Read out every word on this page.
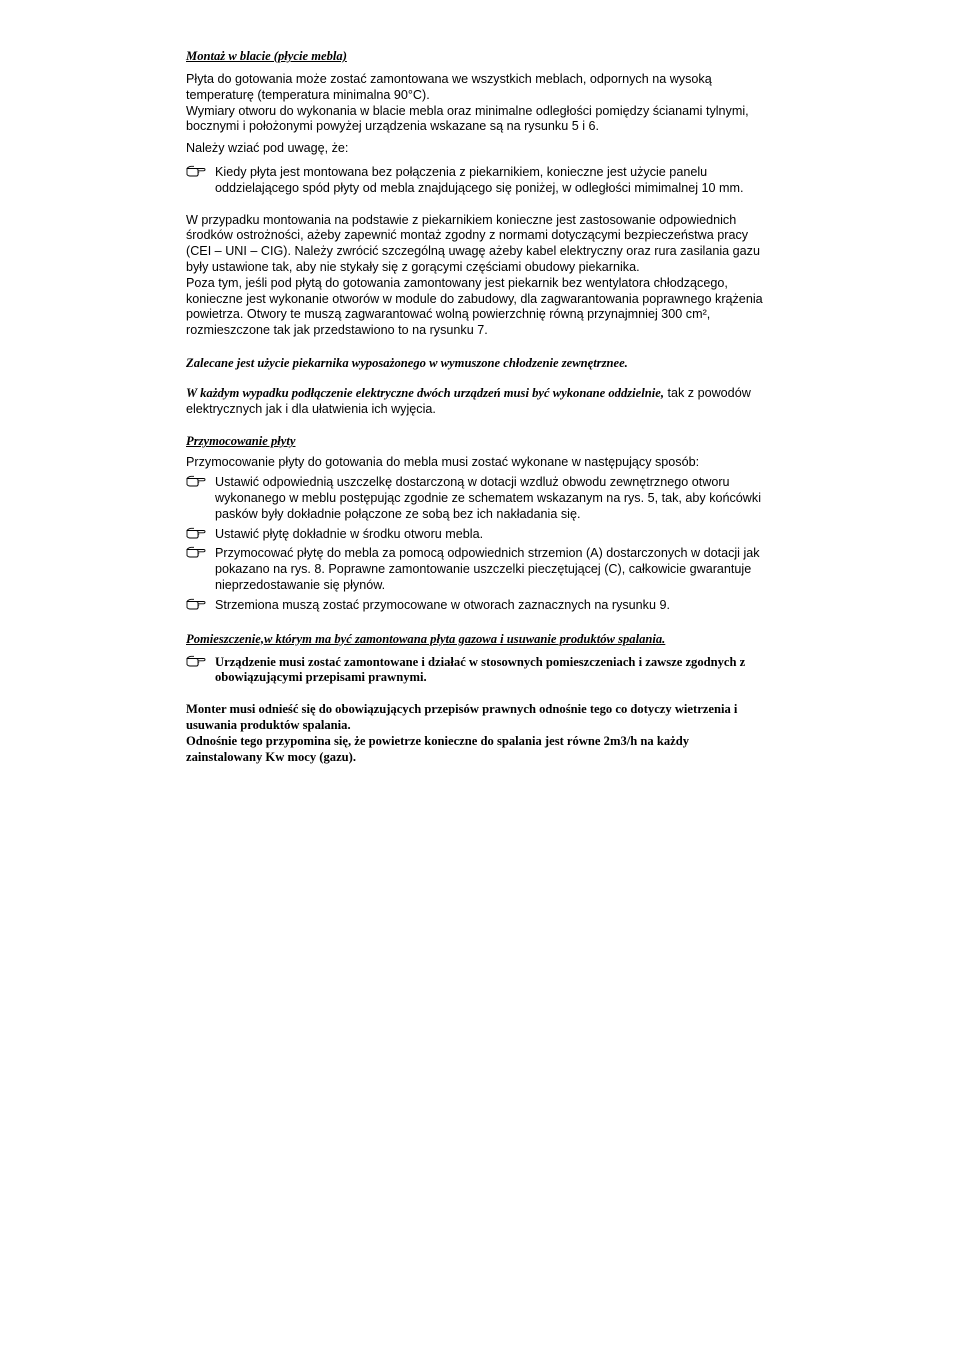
Montaż w blacie (płycie mebla)

Płyta do gotowania może zostać zamontowana we wszystkich meblach, odpornych na wysoką temperaturę (temperatura minimalna 90°C).

Wymiary otworu do wykonania w blacie mebla oraz minimalne odległości pomiędzy ścianami tylnymi, bocznymi i położonymi powyżej urządzenia wskazane są na rysunku 5 i 6.

Należy wziać pod uwagę, że:

Kiedy płyta jest montowana bez połączenia z piekarnikiem, konieczne jest użycie panelu oddzielającego spód płyty od mebla znajdującego się poniżej, w odległości mimimalnej 10 mm.

W przypadku montowania na podstawie z piekarnikiem konieczne jest zastosowanie odpowiednich środków ostrożności, ażeby zapewnić montaż zgodny z normami dotyczącymi bezpieczeństwa pracy (CEI – UNI – CIG). Należy zwrócić szczególną uwagę ażeby kabel elektryczny oraz rura zasilania gazu były ustawione tak, aby nie stykały się z gorącymi częściami obudowy piekarnika.

Poza tym, jeśli pod płytą do gotowania zamontowany jest piekarnik bez wentylatora chłodzącego, konieczne jest wykonanie otworów w module do zabudowy, dla zagwarantowania poprawnego krążenia powietrza. Otwory te muszą zagwarantować wolną powierzchnię równą przynajmniej 300 cm², rozmieszczone tak jak przedstawiono to na rysunku 7.

Zalecane jest użycie piekarnika wyposażonego w wymuszone chłodzenie zewnętrznee.

W każdym wypadku podłączenie elektryczne dwóch urządzeń musi być wykonane oddzielnie, tak z powodów elektrycznych jak i dla ułatwienia ich wyjęcia.

Przymocowanie płyty

Przymocowanie płyty do gotowania do mebla musi zostać wykonane w następujący sposób:

Ustawić odpowiednią uszczelkę dostarczoną w dotacji wzdluż obwodu zewnętrznego otworu wykonanego w meblu postępując zgodnie ze schematem wskazanym na rys. 5, tak, aby końcówki pasków były dokładnie połączone ze sobą bez ich nakładania się.

Ustawić płytę dokładnie w środku otworu mebla.

Przymocować płytę do mebla za pomocą odpowiednich strzemion (A) dostarczonych w dotacji jak pokazano na rys. 8. Poprawne zamontowanie uszczelki pieczętującej (C), całkowicie gwarantuje nieprzedostawanie się płynów.

Strzemiona muszą zostać przymocowane w otworach zaznacznych na rysunku 9.

Pomieszczenie,w którym ma być zamontowana płyta gazowa i usuwanie produktów spalania.

Urządzenie musi zostać zamontowane i działać w stosownych pomieszczeniach i zawsze zgodnych z obowiązującymi przepisami prawnymi.

Monter musi odnieść się do obowiązujących przepisów prawnych odnośnie tego co dotyczy wietrzenia i usuwania produktów spalania.

Odnośnie tego przypomina się, że powietrze konieczne do spalania jest równe 2m3/h na każdy zainstalowany Kw mocy (gazu).
